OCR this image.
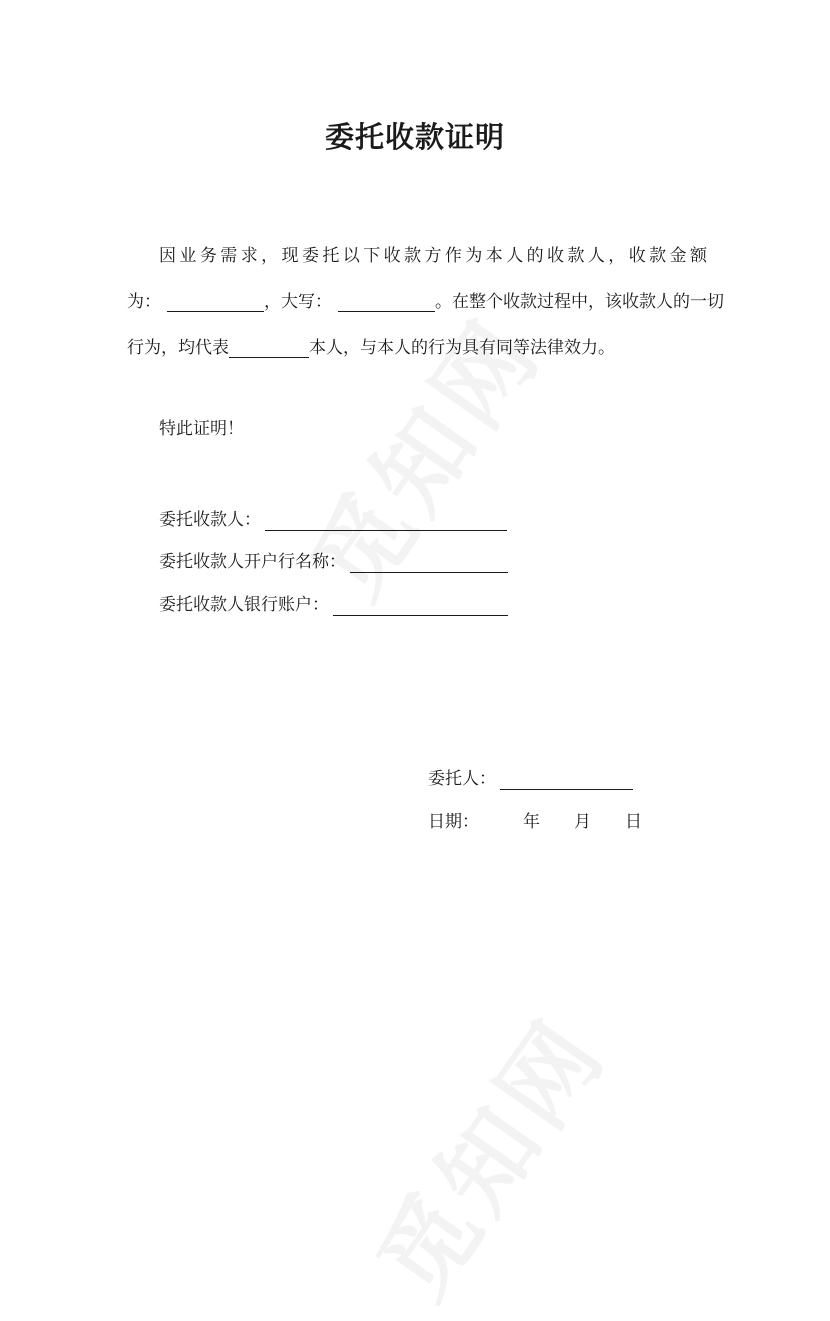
委托收款证明
因业务需求，现委托以下收款方作为本人的收款人，收款金额
为：	，大写：	。在整个收款过程中，该收款人的一切
行为，均代表	本人，与本人的行为具有同等法律效力。
特此证明！
委托收款人：
委托收款人开户行名称：
委托收款人银行账户：
委托人：
日期：	年 月 日
